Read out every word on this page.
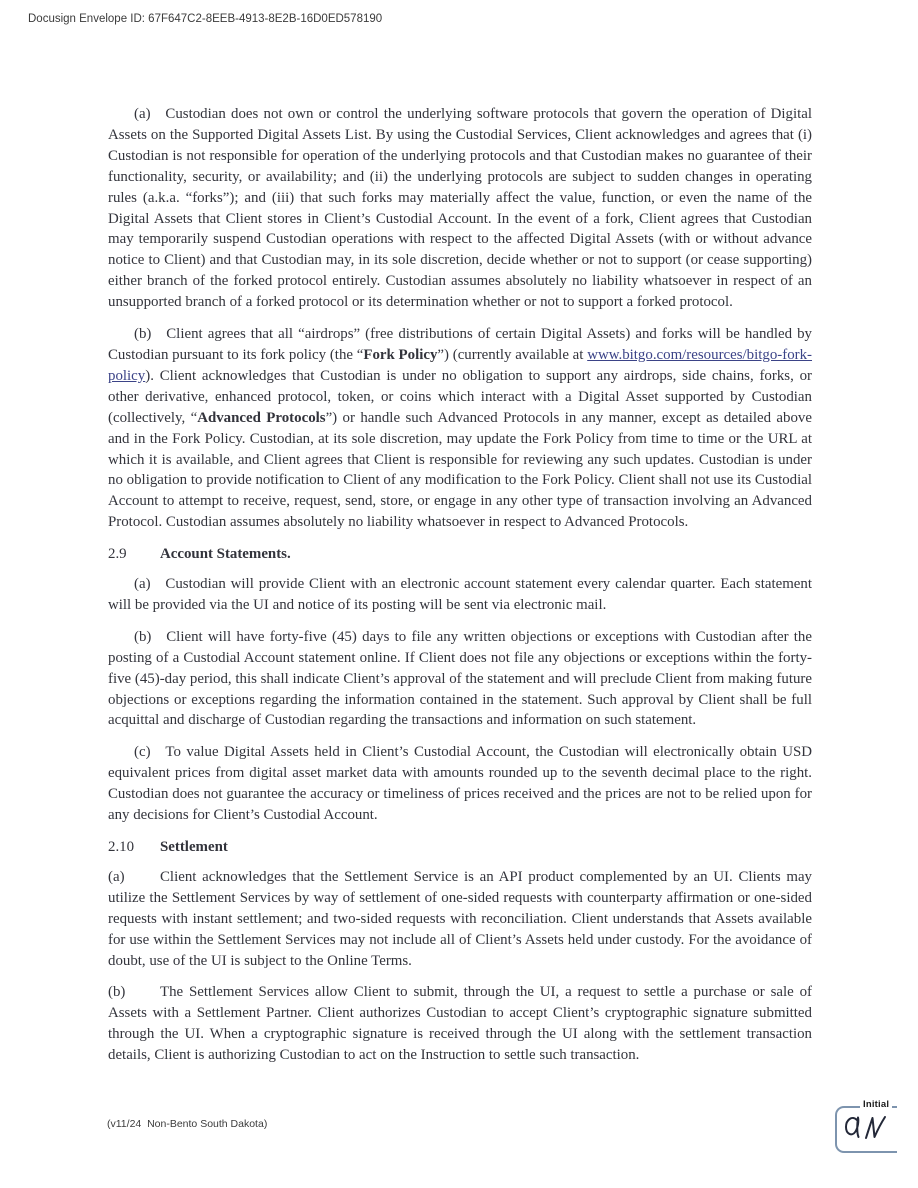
Docusign Envelope ID: 67F647C2-8EEB-4913-8E2B-16D0ED578190

(a) Custodian does not own or control the underlying software protocols that govern the operation of Digital Assets on the Supported Digital Assets List. By using the Custodial Services, Client acknowledges and agrees that (i) Custodian is not responsible for operation of the underlying protocols and that Custodian makes no guarantee of their functionality, security, or availability; and (ii) the underlying protocols are subject to sudden changes in operating rules (a.k.a. “forks”); and (iii) that such forks may materially affect the value, function, or even the name of the Digital Assets that Client stores in Client’s Custodial Account. In the event of a fork, Client agrees that Custodian may temporarily suspend Custodian operations with respect to the affected Digital Assets (with or without advance notice to Client) and that Custodian may, in its sole discretion, decide whether or not to support (or cease supporting) either branch of the forked protocol entirely. Custodian assumes absolutely no liability whatsoever in respect of an unsupported branch of a forked protocol or its determination whether or not to support a forked protocol.

(b) Client agrees that all “airdrops” (free distributions of certain Digital Assets) and forks will be handled by Custodian pursuant to its fork policy (the “Fork Policy”) (currently available at www.bitgo.com/resources/bitgo-fork-policy). Client acknowledges that Custodian is under no obligation to support any airdrops, side chains, forks, or other derivative, enhanced protocol, token, or coins which interact with a Digital Asset supported by Custodian (collectively, “Advanced Protocols”) or handle such Advanced Protocols in any manner, except as detailed above and in the Fork Policy. Custodian, at its sole discretion, may update the Fork Policy from time to time or the URL at which it is available, and Client agrees that Client is responsible for reviewing any such updates. Custodian is under no obligation to provide notification to Client of any modification to the Fork Policy. Client shall not use its Custodial Account to attempt to receive, request, send, store, or engage in any other type of transaction involving an Advanced Protocol. Custodian assumes absolutely no liability whatsoever in respect to Advanced Protocols.

2.9 Account Statements.

(a) Custodian will provide Client with an electronic account statement every calendar quarter. Each statement will be provided via the UI and notice of its posting will be sent via electronic mail.

(b) Client will have forty-five (45) days to file any written objections or exceptions with Custodian after the posting of a Custodial Account statement online. If Client does not file any objections or exceptions within the forty-five (45)-day period, this shall indicate Client’s approval of the statement and will preclude Client from making future objections or exceptions regarding the information contained in the statement. Such approval by Client shall be full acquittal and discharge of Custodian regarding the transactions and information on such statement.

(c) To value Digital Assets held in Client’s Custodial Account, the Custodian will electronically obtain USD equivalent prices from digital asset market data with amounts rounded up to the seventh decimal place to the right. Custodian does not guarantee the accuracy or timeliness of prices received and the prices are not to be relied upon for any decisions for Client’s Custodial Account.

2.10 Settlement

(a) Client acknowledges that the Settlement Service is an API product complemented by an UI. Clients may utilize the Settlement Services by way of settlement of one-sided requests with counterparty affirmation or one-sided requests with instant settlement; and two-sided requests with reconciliation. Client understands that Assets available for use within the Settlement Services may not include all of Client’s Assets held under custody. For the avoidance of doubt, use of the UI is subject to the Online Terms.

(b) The Settlement Services allow Client to submit, through the UI, a request to settle a purchase or sale of Assets with a Settlement Partner. Client authorizes Custodian to accept Client’s cryptographic signature submitted through the UI. When a cryptographic signature is received through the UI along with the settlement transaction details, Client is authorizing Custodian to act on the Instruction to settle such transaction.

(v11/24  Non-Bento South Dakota)
Initial
